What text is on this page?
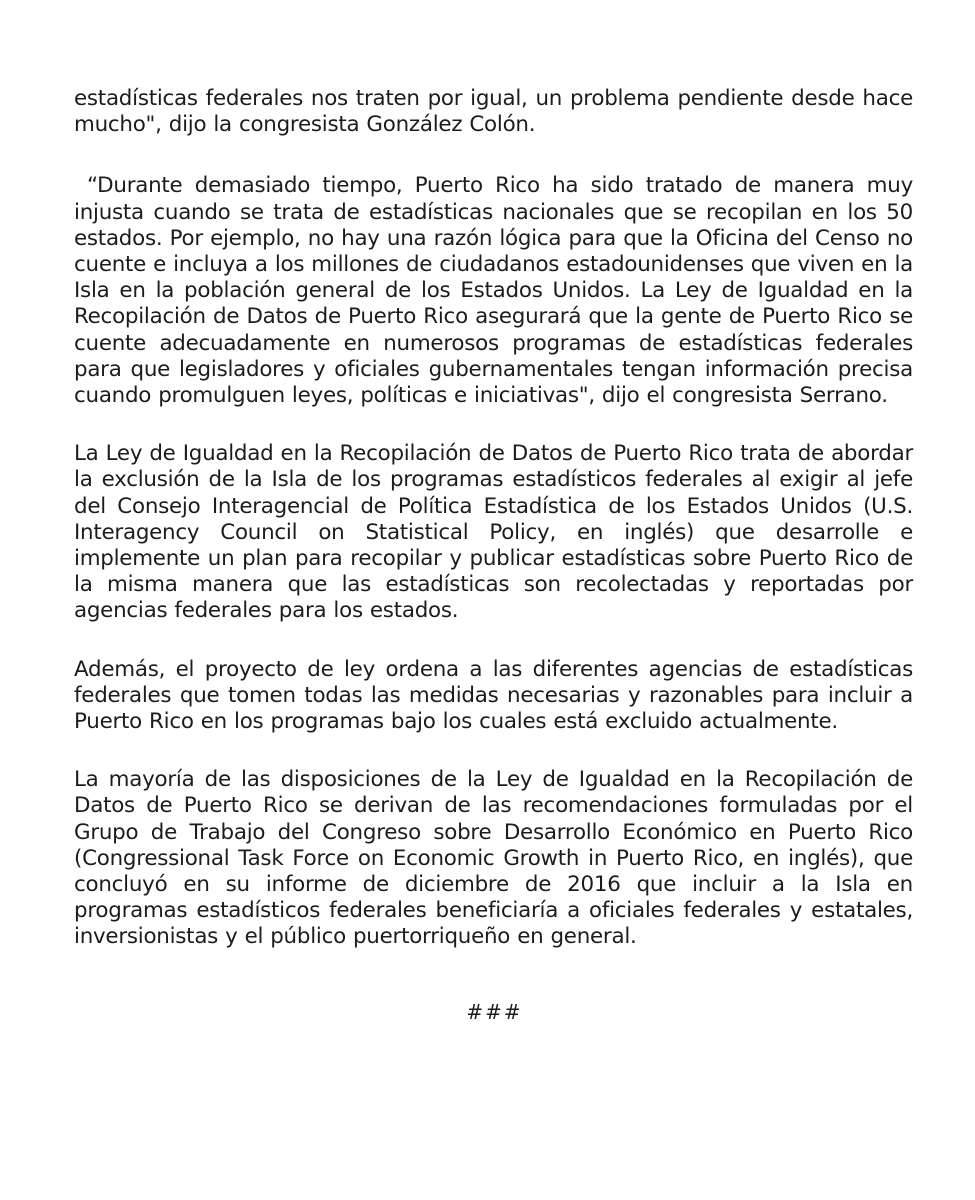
estadísticas federales nos traten por igual, un problema pendiente desde hace mucho", dijo la congresista González Colón.

“Durante demasiado tiempo, Puerto Rico ha sido tratado de manera muy injusta cuando se trata de estadísticas nacionales que se recopilan en los 50 estados. Por ejemplo, no hay una razón lógica para que la Oficina del Censo no cuente e incluya a los millones de ciudadanos estadounidenses que viven en la Isla en la población general de los Estados Unidos. La Ley de Igualdad en la Recopilación de Datos de Puerto Rico asegurará que la gente de Puerto Rico se cuente adecuadamente en numerosos programas de estadísticas federales para que legisladores y oficiales gubernamentales tengan información precisa cuando promulguen leyes, políticas e iniciativas", dijo el congresista Serrano.

La Ley de Igualdad en la Recopilación de Datos de Puerto Rico trata de abordar la exclusión de la Isla de los programas estadísticos federales al exigir al jefe del Consejo Interagencial de Política Estadística de los Estados Unidos (U.S. Interagency Council on Statistical Policy, en inglés) que desarrolle e implemente un plan para recopilar y publicar estadísticas sobre Puerto Rico de la misma manera que las estadísticas son recolectadas y reportadas por agencias federales para los estados.

Además, el proyecto de ley ordena a las diferentes agencias de estadísticas federales que tomen todas las medidas necesarias y razonables para incluir a Puerto Rico en los programas bajo los cuales está excluido actualmente.

La mayoría de las disposiciones de la Ley de Igualdad en la Recopilación de Datos de Puerto Rico se derivan de las recomendaciones formuladas por el Grupo de Trabajo del Congreso sobre Desarrollo Económico en Puerto Rico (Congressional Task Force on Economic Growth in Puerto Rico, en inglés), que concluyó en su informe de diciembre de 2016 que incluir a la Isla en programas estadísticos federales beneficiaría a oficiales federales y estatales, inversionistas y el público puertorriqueño en general.

###
